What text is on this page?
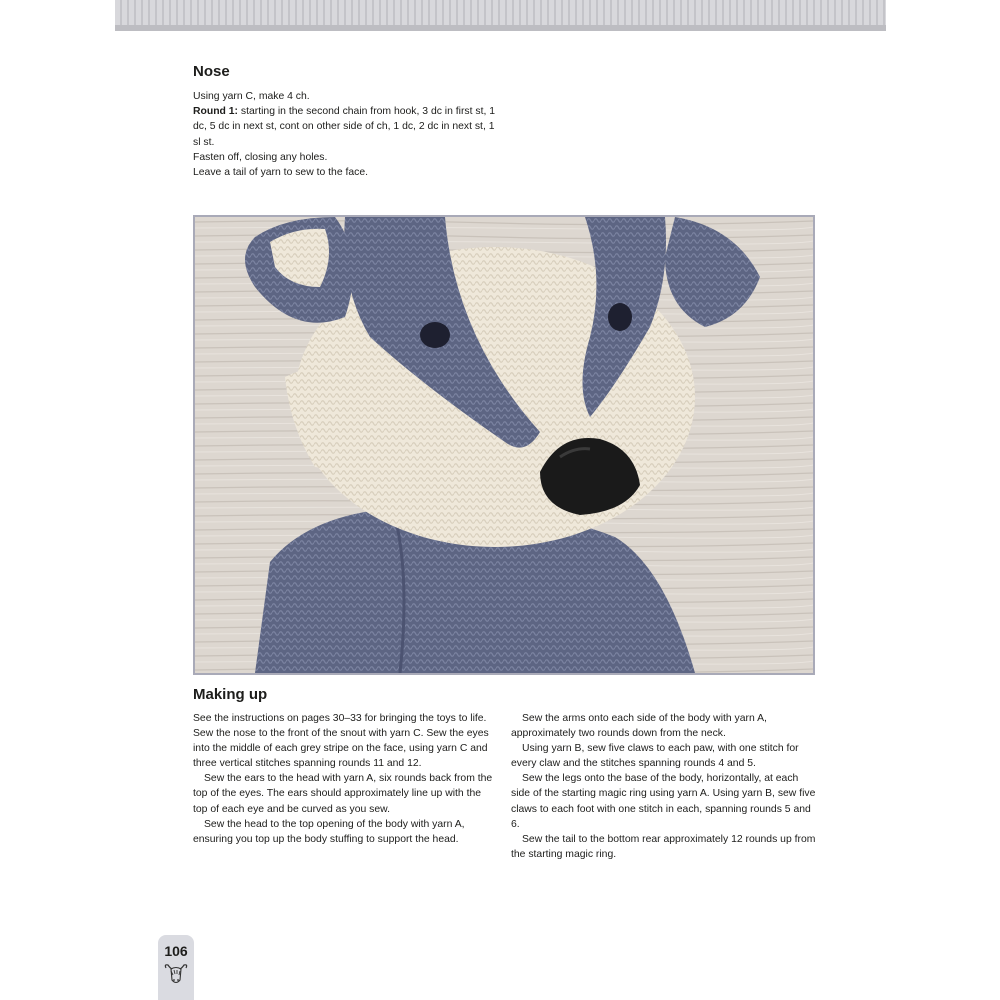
Nose

Using yarn C, make 4 ch.

Round 1: starting in the second chain from hook, 3 dc in first st, 1 dc, 5 dc in next st, cont on other side of ch, 1 dc, 2 dc in next st, 1 sl st.

Fasten off, closing any holes.

Leave a tail of yarn to sew to the face.

Making up

See the instructions on pages 30–33 for bringing the toys to life. Sew the nose to the front of the snout with yarn C. Sew the eyes into the middle of each grey stripe on the face, using yarn C and three vertical stitches spanning rounds 11 and 12.

Sew the ears to the head with yarn A, six rounds back from the top of the eyes. The ears should approximately line up with the top of each eye and be curved as you sew.

Sew the head to the top opening of the body with yarn A, ensuring you top up the body stuffing to support the head.

Sew the arms onto each side of the body with yarn A, approximately two rounds down from the neck.

Using yarn B, sew five claws to each paw, with one stitch for every claw and the stitches spanning rounds 4 and 5.

Sew the legs onto the base of the body, horizontally, at each side of the starting magic ring using yarn A. Using yarn B, sew five claws to each foot with one stitch in each, spanning rounds 5 and 6.

Sew the tail to the bottom rear approximately 12 rounds up from the starting magic ring.

106
